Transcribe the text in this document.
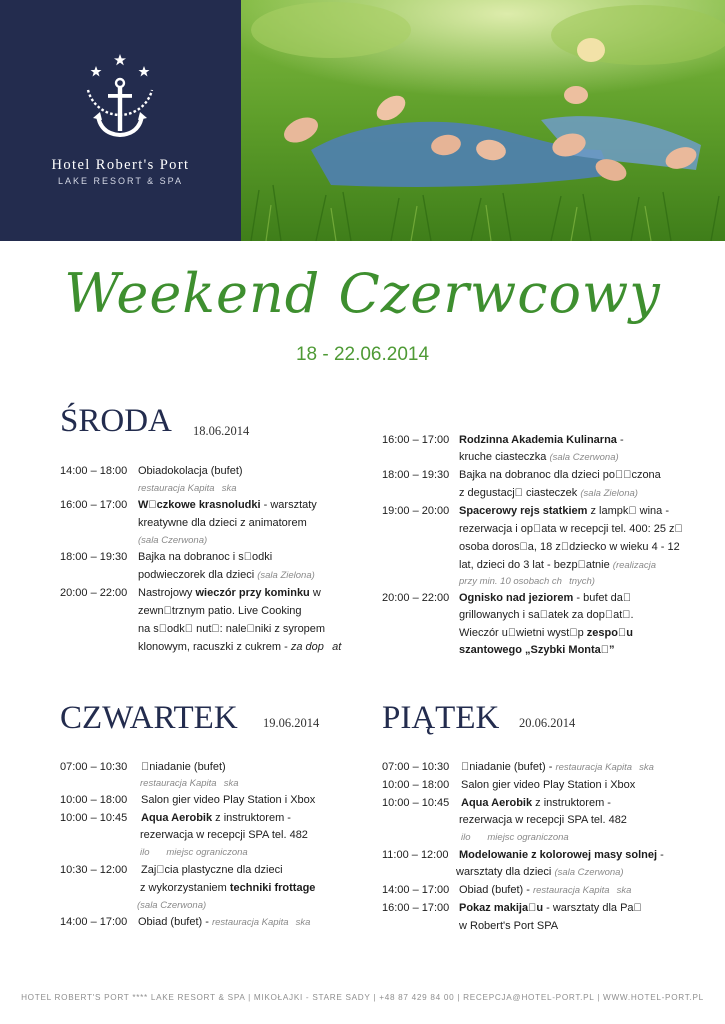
Hotel Robert's Port
LAKE RESORT & SPA
Weekend Czerwcowy
18 - 22.06.2014
ŚRODA 18.06.2014
14:00 – 18:00 Obiadokolacja (bufet)
restauracja Kapita ska
16:00 – 17:00 W czkowe krasnoludki - warsztaty
kreatywne dla dzieci z animatorem
(sala Czerwona)
18:00 – 19:30 Bajka na dobranoc i s odki
podwieczorek dla dzieci (sala Zielona)
20:00 – 22:00 Nastrojowy wieczór przy kominku w
zewn trznym patio. Live Cooking
na s odk  nut : nale niki z syropem
klonowym, racuszki z cukrem - za dop at 
16:00 – 17:00 Rodzinna Akademia Kulinarna -
kruche ciasteczka (sala Czerwona)
18:00 – 19:30 Bajka na dobranoc dla dzieci po  czona
z degustacj  ciasteczek (sala Zielona)
19:00 – 20:00 Spacerowy rejs statkiem z lampk  wina -
rezerwacja i op ata w recepcji tel. 400: 25 z 
osoba doros a, 18 z dziecko w wieku 4 - 12
lat, dzieci do 3 lat - bezp atnie (realizacja
przy min. 10 osobach ch tnych)
20:00 – 22:00 Ognisko nad jeziorem - bufet da 
grillowanych i sa atek za dop at .
Wieczór u wietni wyst p zespo u
szantowego „Szybki Monta ”
CZWARTEK 19.06.2014
07:00 – 10:30  niadanie (bufet)
restauracja Kapita ska
10:00 – 18:00 Salon gier video Play Station i Xbox
10:00 – 10:45 Aqua Aerobik z instruktorem -
rezerwacja w recepcji SPA tel. 482
ilo   miejsc ograniczona
10:30 – 12:00 Zaj cia plastyczne dla dzieci
z wykorzystaniem techniki frottage
(sala Czerwona)
14:00 – 17:00 Obiad (bufet) - restauracja Kapita ska
PIĄTEK 20.06.2014
07:00 – 10:30  niadanie (bufet) - restauracja Kapita ska
10:00 – 18:00 Salon gier video Play Station i Xbox
10:00 – 10:45 Aqua Aerobik z instruktorem -
rezerwacja w recepcji SPA tel. 482
ilo   miejsc ograniczona
11:00 – 12:00 Modelowanie z kolorowej masy solnej -
warsztaty dla dzieci (sala Czerwona)
14:00 – 17:00 Obiad (bufet) - restauracja Kapita ska
16:00 – 17:00 Pokaz makija u - warsztaty dla Pa 
w Robert's Port SPA
HOTEL ROBERT'S PORT **** LAKE RESORT & SPA | MIKOŁAJKI - STARE SADY | +48 87 429 84 00 | RECEPCJA@HOTEL-PORT.PL | WWW.HOTEL-PORT.PL
